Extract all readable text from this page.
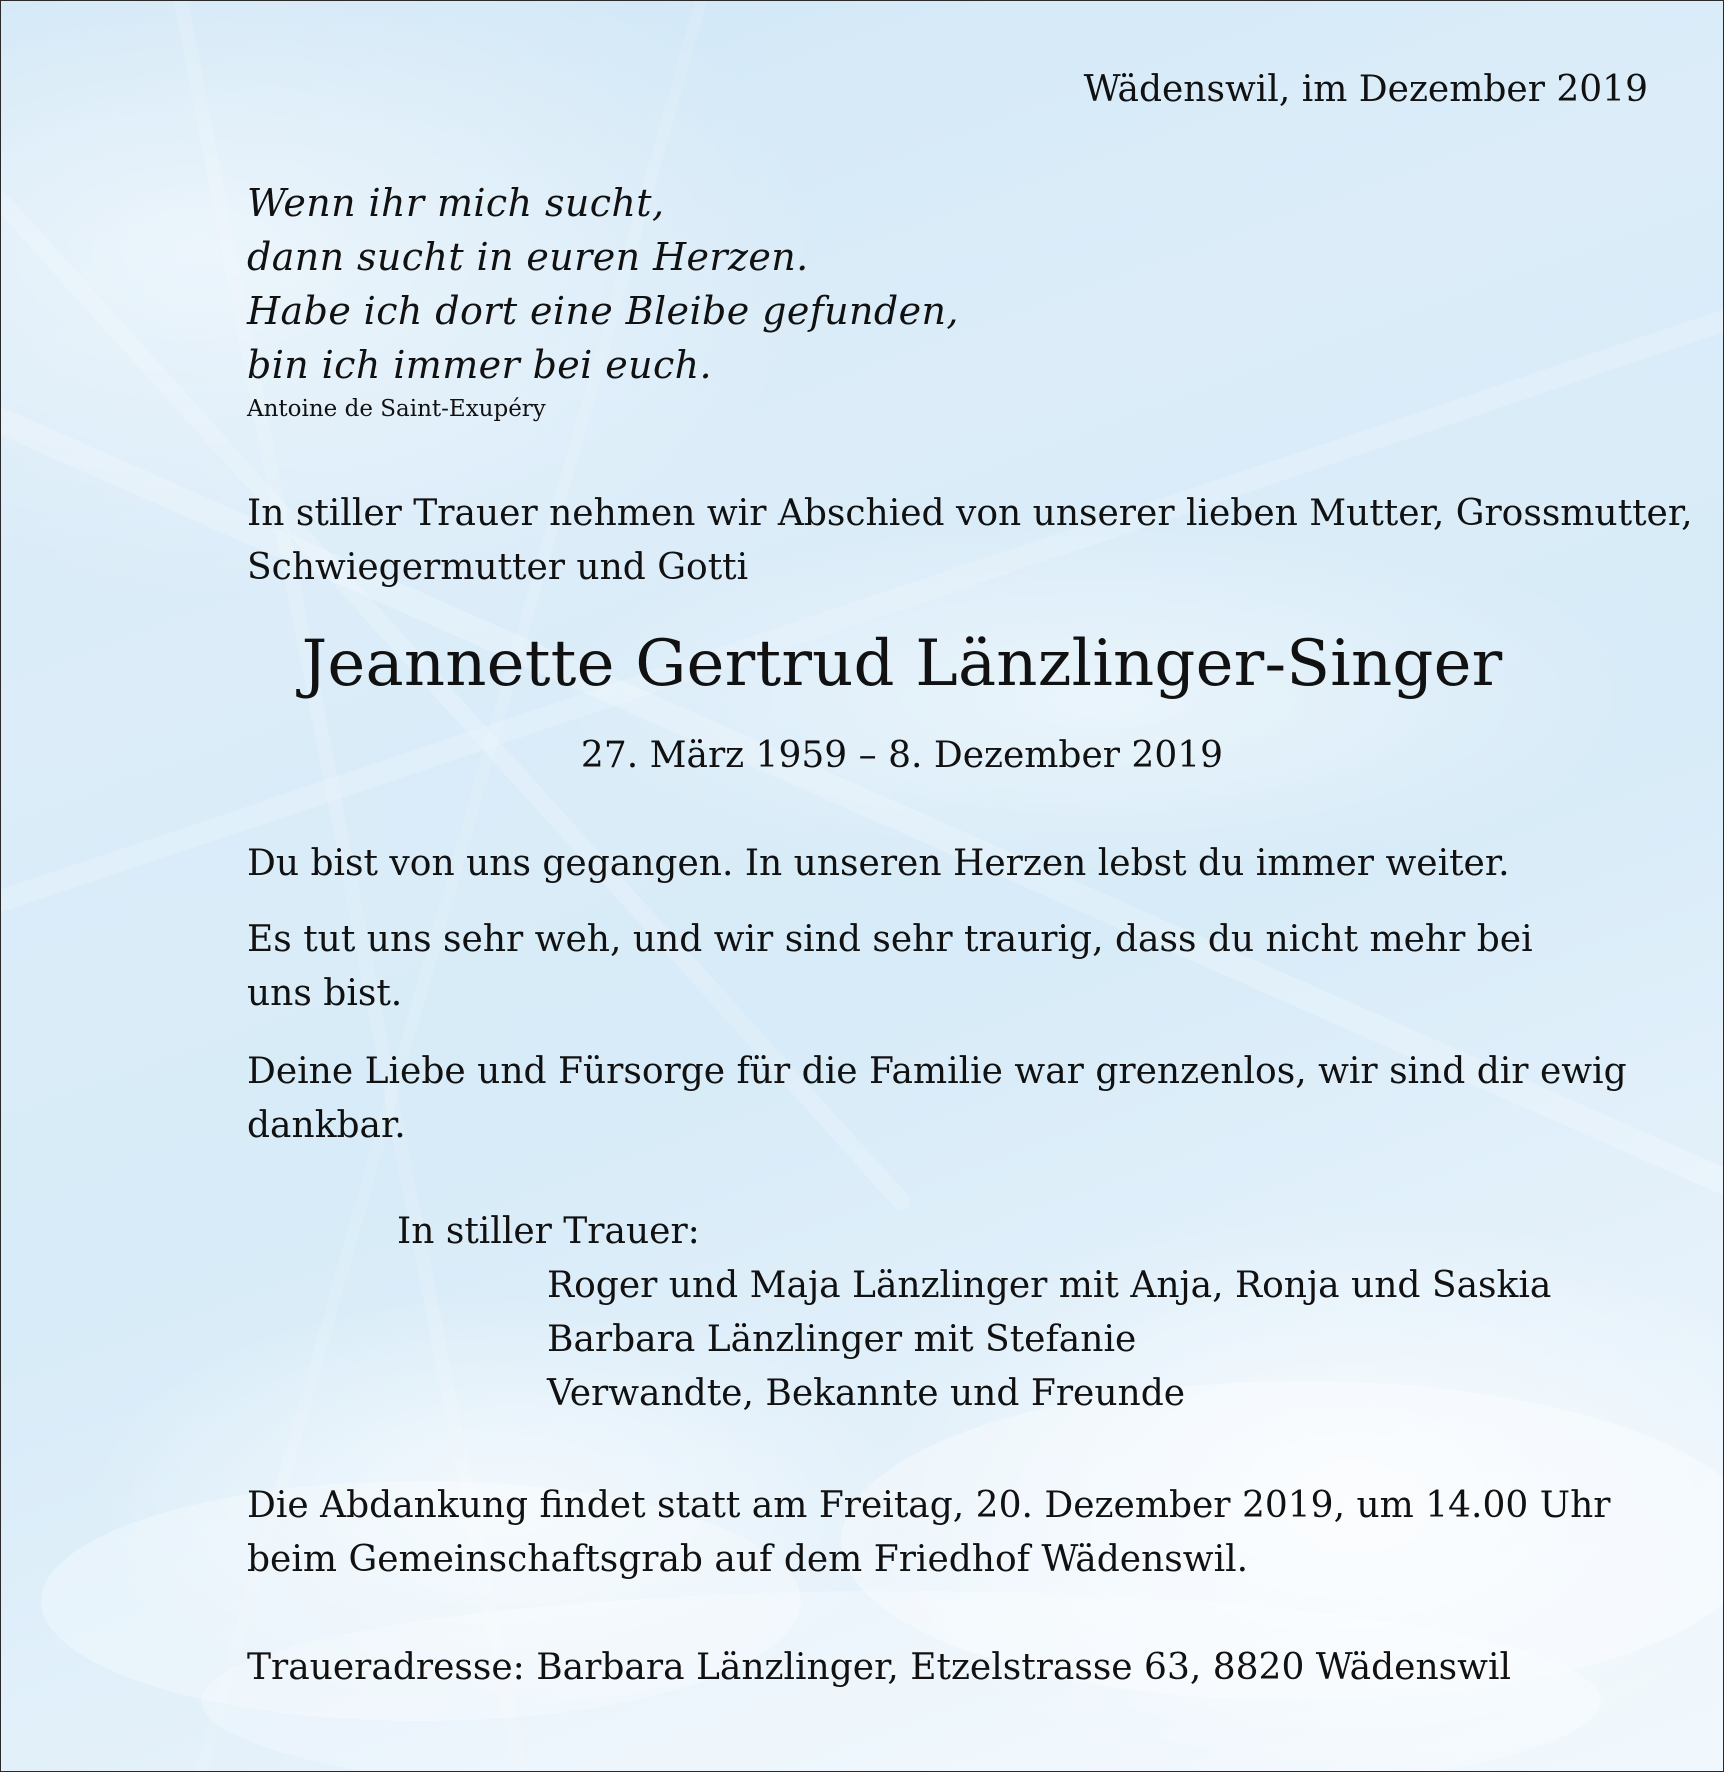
Wädenswil, im Dezember 2019

Wenn ihr mich sucht,

dann sucht in euren Herzen.

Habe ich dort eine Bleibe gefunden,

bin ich immer bei euch.

Antoine de Saint-Exupéry

In stiller Trauer nehmen wir Abschied von unserer lieben Mutter, Grossmutter,

Schwiegermutter und Gotti

Jeannette Gertrud Länzlinger-Singer

27. März 1959 – 8. Dezember 2019

Du bist von uns gegangen. In unseren Herzen lebst du immer weiter.

Es tut uns sehr weh, und wir sind sehr traurig, dass du nicht mehr bei

uns bist.

Deine Liebe und Fürsorge für die Familie war grenzenlos, wir sind dir ewig

dankbar.

In stiller Trauer:

Roger und Maja Länzlinger mit Anja, Ronja und Saskia

Barbara Länzlinger mit Stefanie

Verwandte, Bekannte und Freunde

Die Abdankung findet statt am Freitag, 20. Dezember 2019, um 14.00 Uhr

beim Gemeinschaftsgrab auf dem Friedhof Wädenswil.

Traueradresse: Barbara Länzlinger, Etzelstrasse 63, 8820 Wädenswil
